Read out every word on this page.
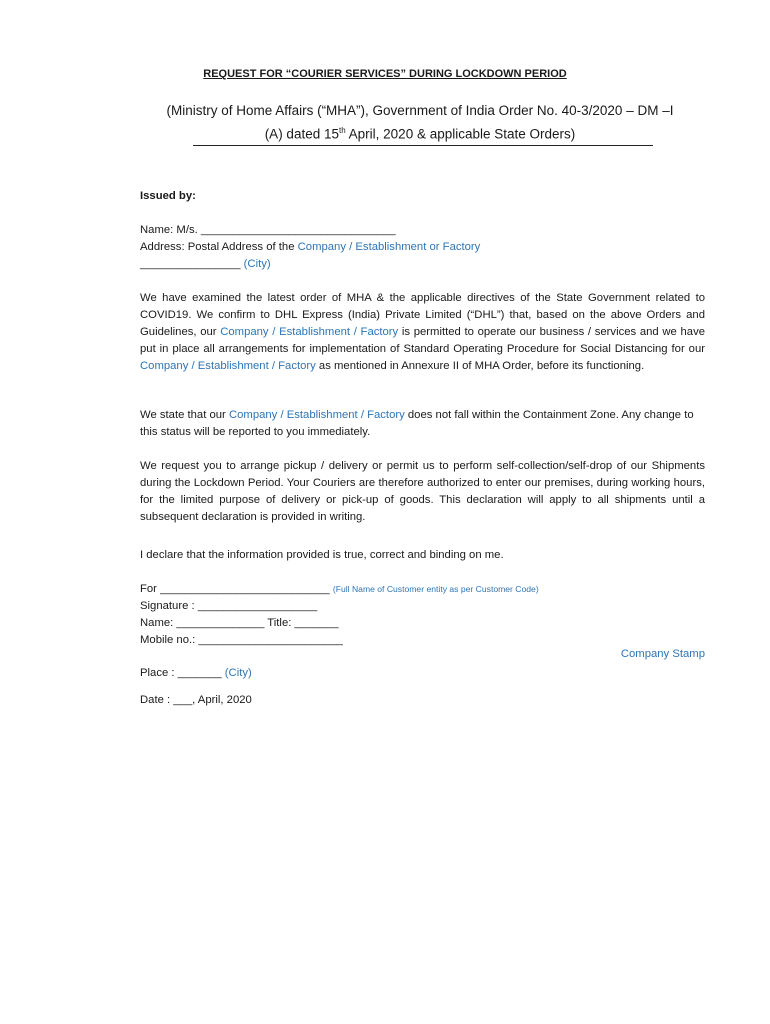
REQUEST FOR “COURIER SERVICES” DURING LOCKDOWN PERIOD
(Ministry of Home Affairs (“MHA”), Government of India Order No. 40-3/2020 – DM –I
(A) dated 15th April, 2020 & applicable State Orders)
Issued by:
Name: M/s. _______________________________
Address: Postal Address of the Company / Establishment or Factory
________________ (City)
We have examined the latest order of MHA & the applicable directives of the State Government related to COVID19. We confirm to DHL Express (India) Private Limited (“DHL”) that, based on the above Orders and Guidelines, our Company / Establishment / Factory is permitted to operate our business / services and we have put in place all arrangements for implementation of Standard Operating Procedure for Social Distancing for our Company / Establishment / Factory as mentioned in Annexure II of MHA Order, before its functioning.
We state that our Company / Establishment / Factory does not fall within the Containment Zone. Any change to this status will be reported to you immediately.
We request you to arrange pickup / delivery or permit us to perform self-collection/self-drop of our Shipments during the Lockdown Period. Your Couriers are therefore authorized to enter our premises, during working hours, for the limited purpose of delivery or pick-up of goods. This declaration will apply to all shipments until a subsequent declaration is provided in writing.
I declare that the information provided is true, correct and binding on me.
For ___________________________ (Full Name of Customer entity as per Customer Code)
Signature : ___________________
Name: ______________ Title: _______
Mobile no.: _______________________
Company Stamp
Place : _______ (City)
Date : ___, April, 2020
